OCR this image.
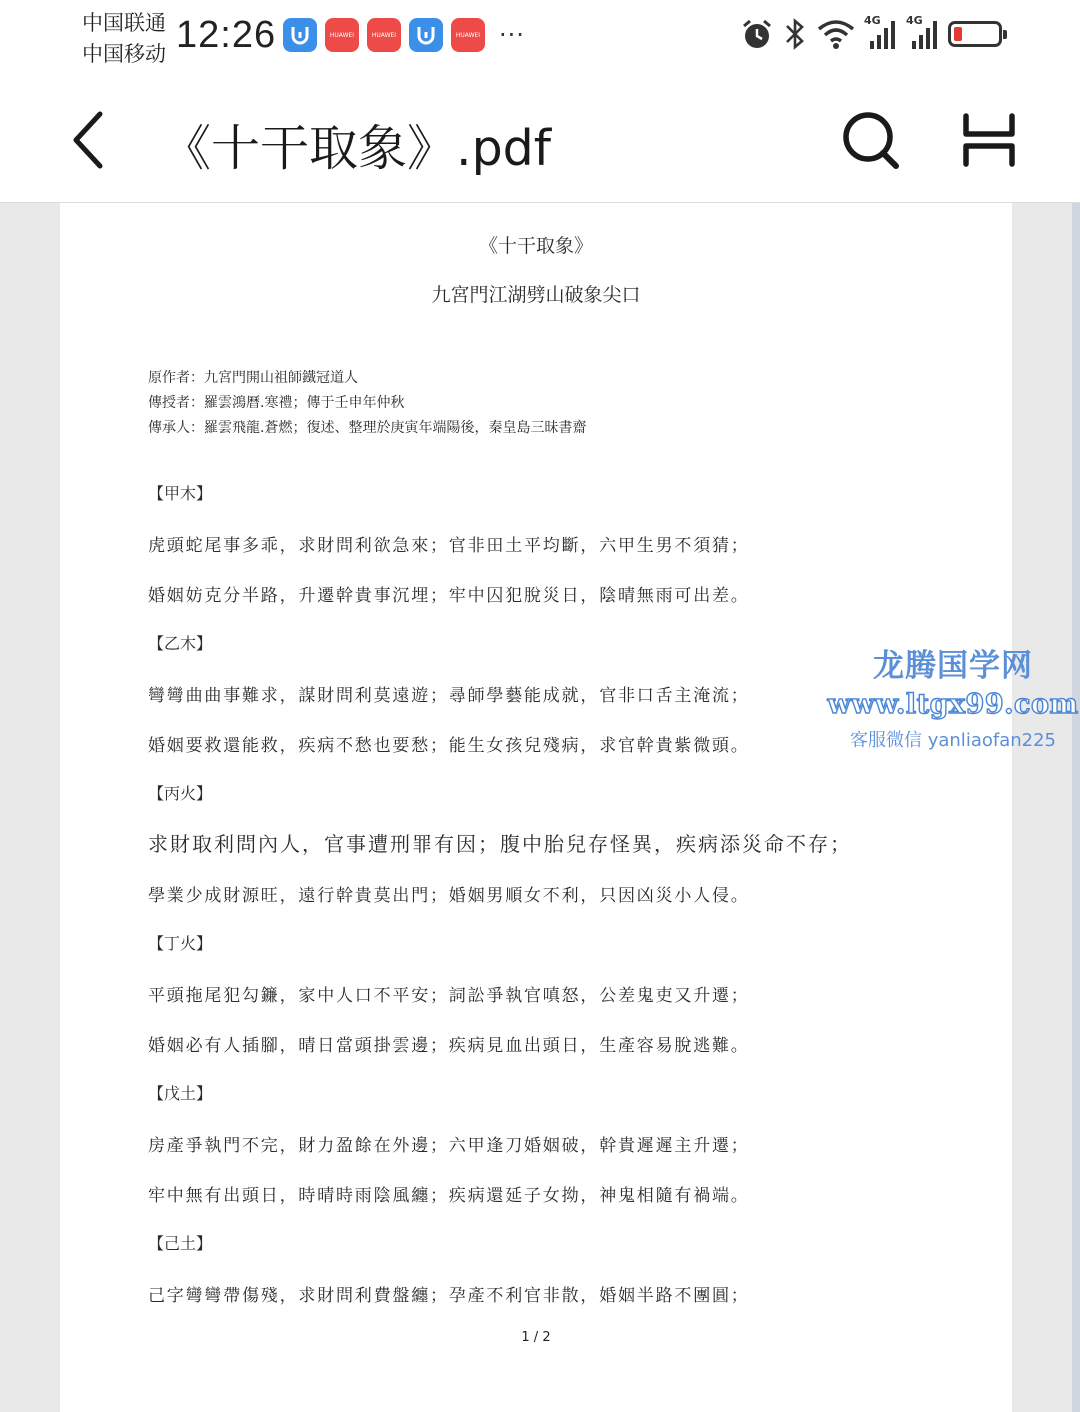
中国联通
中国移动 12:26	HUAWEI	HUAWEI	HUAWEI ···
4G 4G
《十干取象》.pdf
《十干取象》
九宮門江湖劈山破象尖口
原作者：九宮門開山祖師鐵冠道人
傳授者：羅雲鴻曆.寒禮；傳于壬申年仲秋
傳承人：羅雲飛龍.蒼燃；復述、整理於庚寅年端陽後，秦皇島三昧書齋
【甲木】
虎頭蛇尾事多乖，求財問利欲急來；官非田土平均斷，六甲生男不須猜；
婚姻妨克分半路，升遷幹貴事沉埋；牢中囚犯脫災日，陰晴無雨可出差。
【乙木】
彎彎曲曲事難求，謀財問利莫遠遊；尋師學藝能成就，官非口舌主淹流；
婚姻要救還能救，疾病不愁也要愁；能生女孩兒殘病，求官幹貴紫微頭。
【丙火】
求財取利問內人，官事遭刑罪有因；腹中胎兒存怪異，疾病添災命不存；
學業少成財源旺，遠行幹貴莫出門；婚姻男順女不利，只因凶災小人侵。
【丁火】
平頭拖尾犯勾鐮，家中人口不平安；詞訟爭執官嗔怒，公差鬼吏又升遷；
婚姻必有人插腳，晴日當頭掛雲邊；疾病見血出頭日，生產容易脫逃難。
【戊土】
房產爭執門不完，財力盈餘在外邊；六甲逢刀婚姻破，幹貴遲遲主升遷；
牢中無有出頭日，時晴時雨陰風纏；疾病還延子女拗，神鬼相隨有禍端。
【己土】
己字彎彎帶傷殘，求財問利費盤纏；孕產不利官非散，婚姻半路不團圓；
1 / 2
龙腾国学网
www.ltgx99.com
客服微信 yanliaofan225
